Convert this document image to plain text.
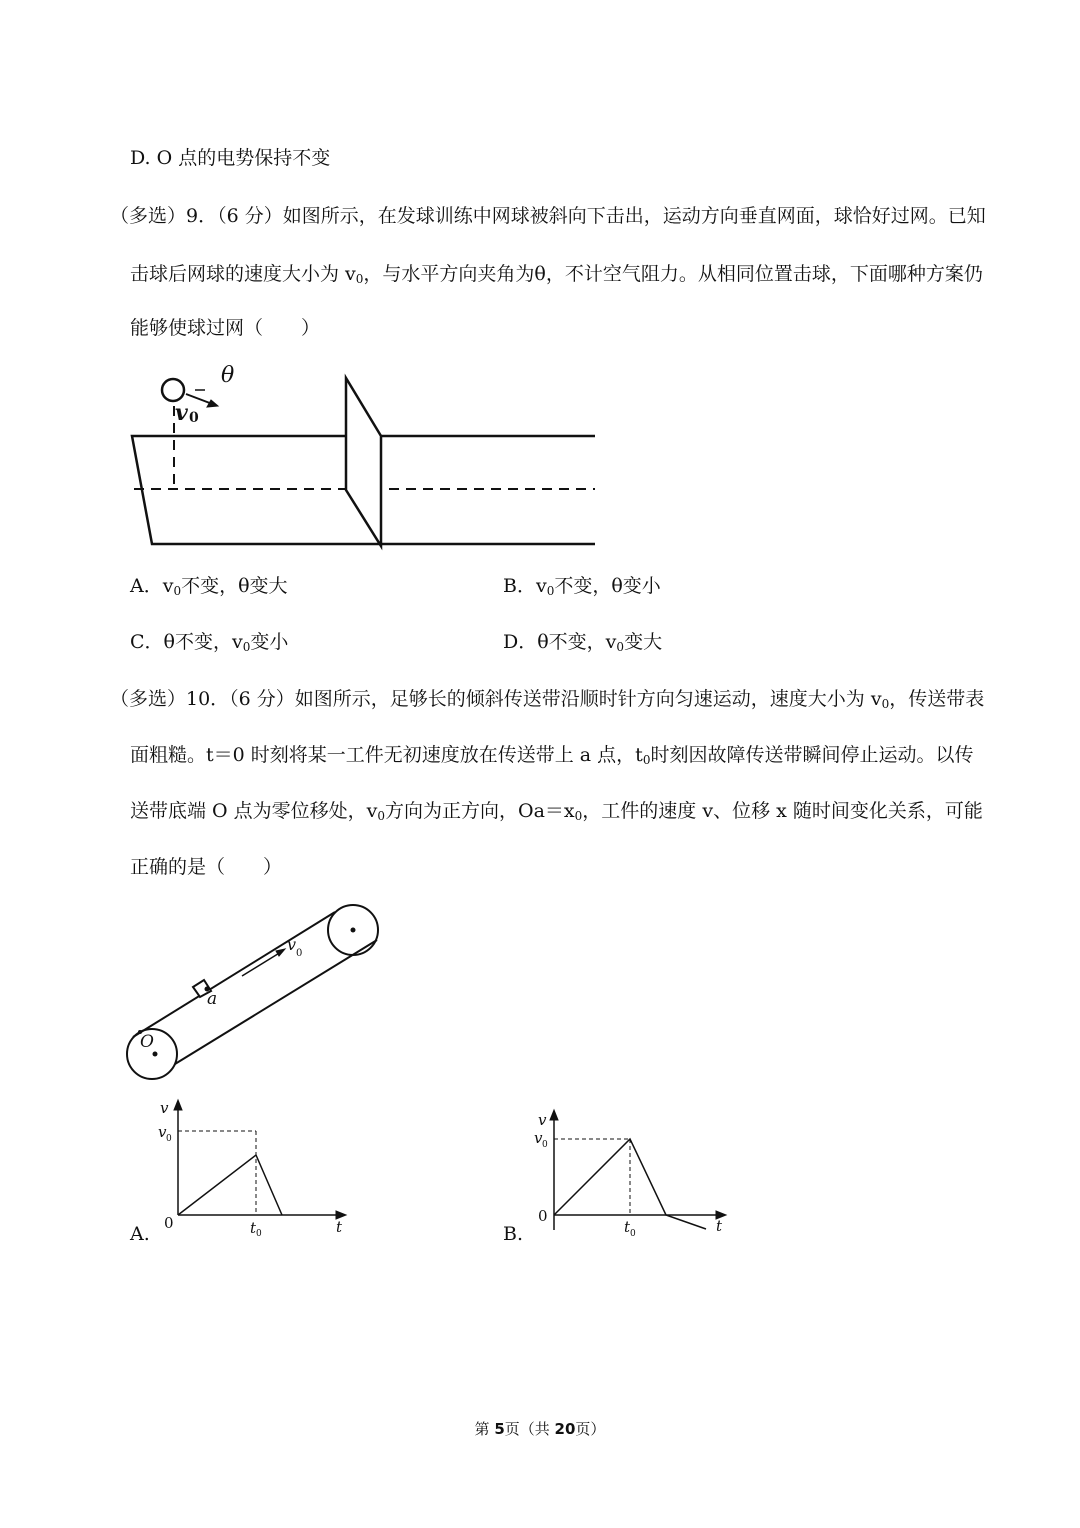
D. O 点的电势保持不变
（多选）9．（6 分）如图所示，在发球训练中网球被斜向下击出，运动方向垂直网面，球恰好过网。已知
击球后网球的速度大小为 $v_0$，与水平方向夹角为θ，不计空气阻力。从相同位置击球，下面哪种方案仍
能够使球过网（　　）
θ
v 0
A．$v_0$不变，θ变大	B．$v_0$不变，θ变小
C．θ不变，$v_0$变小	D．θ不变，$v_0$变大
（多选）10．（6 分）如图所示，足够长的倾斜传送带沿顺时针方向匀速运动，速度大小为 $v_0$，传送带表
面粗糙。t＝0 时刻将某一工件无初速度放在传送带上 a 点，$t_0$时刻因故障传送带瞬间停止运动。以传
送带底端 O 点为零位移处，$v_0$方向为正方向，$Oa=x_0$，工件的速度 v、位移 x 随时间变化关系，可能
正确的是（　　）
v 0
a
O
v
v 0
0	t 0	t
A.
v
v 0
0
t 0	t
B.
第 5页（共 20页）
